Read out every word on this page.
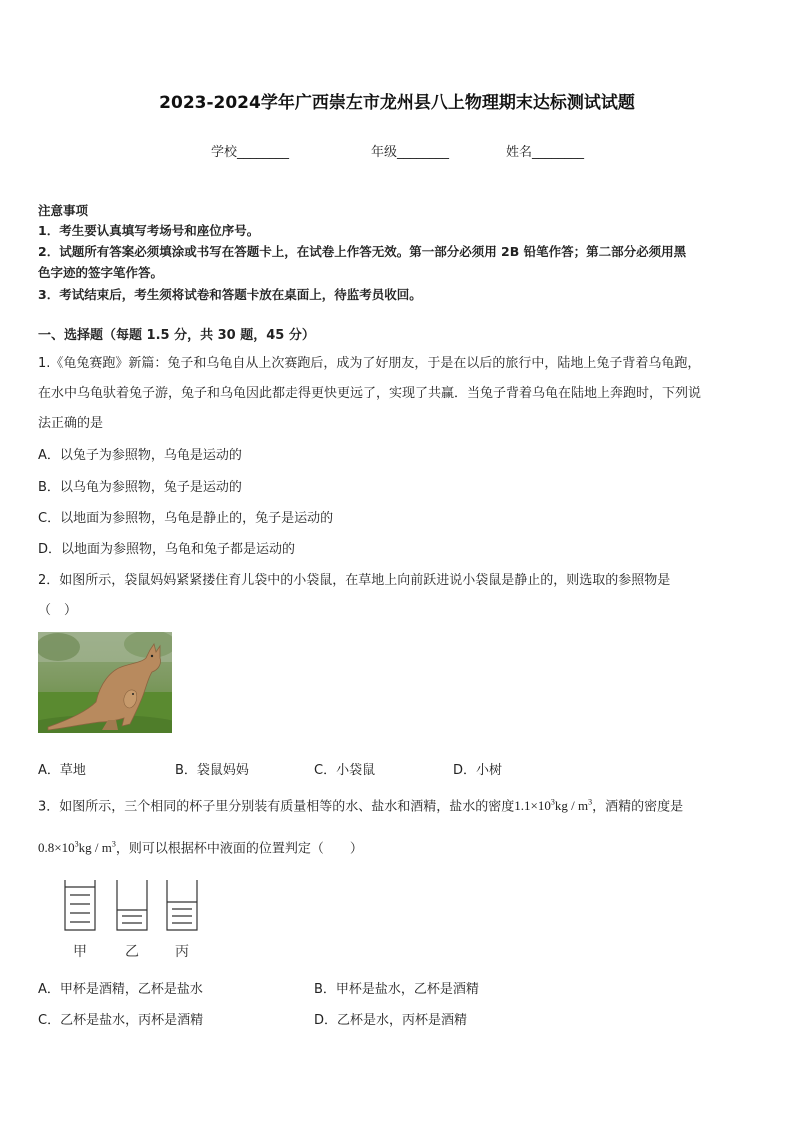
2023-2024学年广西崇左市龙州县八上物理期末达标测试试题
学校________	年级________	姓名________
注意事项
1．考生要认真填写考场号和座位序号。
2．试题所有答案必须填涂或书写在答题卡上，在试卷上作答无效。第一部分必须用 2B 铅笔作答；第二部分必须用黑
色字迹的签字笔作答。
3．考试结束后，考生须将试卷和答题卡放在桌面上，待监考员收回。
一、选择题（每题 1.5 分，共 30 题，45 分）
1.《龟兔赛跑》新篇：兔子和乌龟自从上次赛跑后，成为了好朋友，于是在以后的旅行中，陆地上兔子背着乌龟跑，
在水中乌龟驮着兔子游，兔子和乌龟因此都走得更快更远了，实现了共赢．当兔子背着乌龟在陆地上奔跑时，下列说
法正确的是
A．以兔子为参照物，乌龟是运动的
B．以乌龟为参照物，兔子是运动的
C．以地面为参照物，乌龟是静止的，兔子是运动的
D．以地面为参照物，乌龟和兔子都是运动的
2．如图所示，袋鼠妈妈紧紧搂住育儿袋中的小袋鼠，在草地上向前跃进说小袋鼠是静止的，则选取的参照物是
（　）
A．草地	B．袋鼠妈妈	C．小袋鼠	D．小树
3．如图所示，三个相同的杯子里分别装有质量相等的水、盐水和酒精，盐水的密度$1.1\times 10^3kg / m^3$，酒精的密度是
$0.8\times 10^3kg / m^3$，则可以根据杯中液面的位置判定（　　）
甲	乙	丙
A．甲杯是酒精，乙杯是盐水	B．甲杯是盐水，乙杯是酒精
C．乙杯是盐水，丙杯是酒精	D．乙杯是水，丙杯是酒精
